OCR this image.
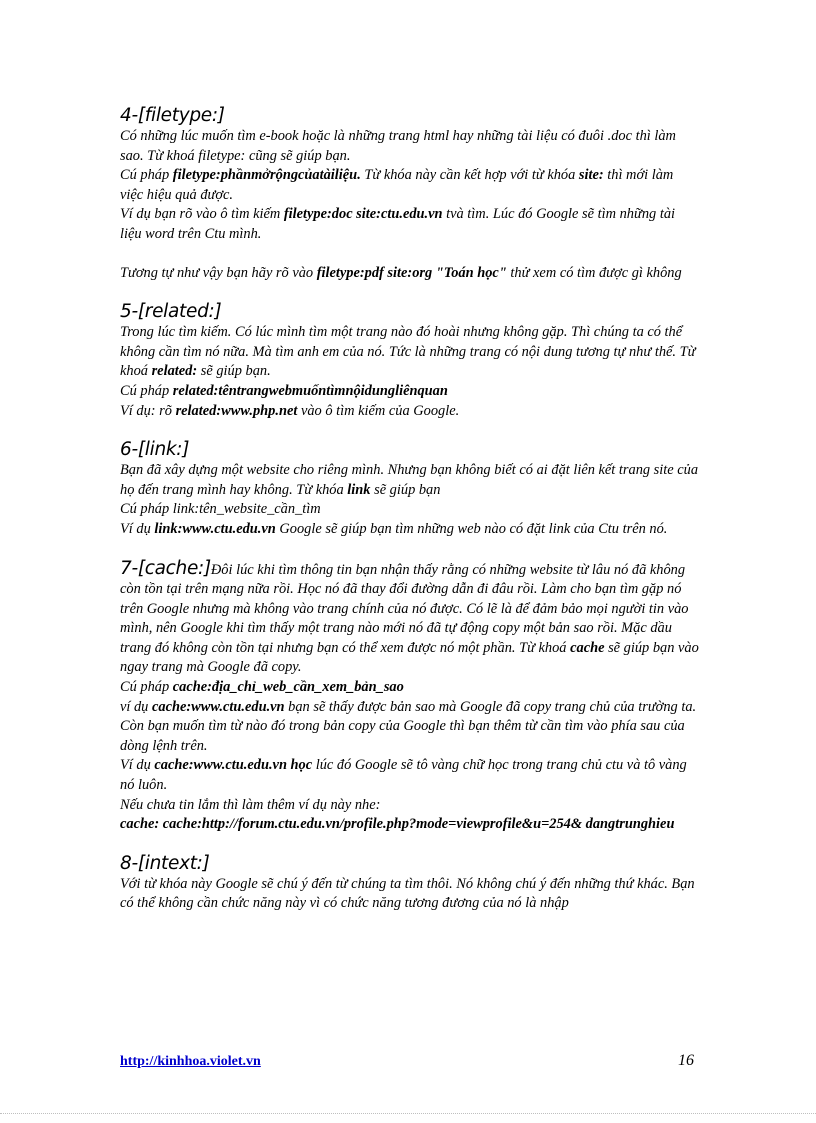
4-[filetype:]

Có những lúc muốn tìm e-book hoặc là những trang html hay những tài liệu có đuôi .doc thì làm sao. Từ khoá filetype: cũng sẽ giúp bạn.

Cú pháp filetype:phầnmởrộngcủatàiliệu. Từ khóa này cần kết hợp với từ khóa site: thì mới làm việc hiệu quả được.

Ví dụ bạn rõ vào ô tìm kiếm filetype:doc site:ctu.edu.vn tvà tìm. Lúc đó Google sẽ tìm những tài liệu word trên Ctu mình.

Tương tự như vậy bạn hãy rõ vào filetype:pdf site:org "Toán học" thử xem có tìm được gì không

5-[related:]

Trong lúc tìm kiếm. Có lúc mình tìm một trang nào đó hoài nhưng không gặp. Thì chúng ta có thể không cần tìm nó nữa. Mà tìm anh em của nó. Tức là những trang có nội dung tương tự như thế. Từ khoá related: sẽ giúp bạn.

Cú pháp related:têntrangwebmuốntìmnộidungliênquan

Ví dụ: rõ related:www.php.net vào ô tìm kiếm của Google.

6-[link:]

Bạn đã xây dựng một website cho riêng mình. Nhưng bạn không biết có ai đặt liên kết trang site của họ đến trang mình hay không. Từ khóa link sẽ giúp bạn

Cú pháp link:tên_website_cần_tìm

Ví dụ link:www.ctu.edu.vn Google sẽ giúp bạn tìm những web nào có đặt link của Ctu trên nó.

7-[cache:]Đôi lúc khi tìm thông tin bạn nhận thấy rằng có những website từ lâu nó đã không còn tồn tại trên mạng nữa rồi. Học nó đã thay đổi đường dẫn đi đâu rồi. Làm cho bạn tìm gặp nó trên Google nhưng mà không vào trang chính của nó được. Có lẽ là để đảm bảo mọi người tin vào mình, nên Google khi tìm thấy một trang nào mới nó đã tự động copy một bản sao rồi. Mặc dầu trang đó không còn tồn tại nhưng bạn có thể xem được nó một phần. Từ khoá cache sẽ giúp bạn vào ngay trang mà Google đã copy.

Cú pháp cache:địa_chỉ_web_cần_xem_bản_sao

ví dụ cache:www.ctu.edu.vn bạn sẽ thấy được bản sao mà Google đã copy trang chủ của trường ta.

Còn bạn muốn tìm từ nào đó trong bản copy của Google thì bạn thêm từ cần tìm vào phía sau của dòng lệnh trên.

Ví dụ cache:www.ctu.edu.vn học lúc đó Google sẽ tô vàng chữ học trong trang chủ ctu và tô vàng nó luôn.

Nếu chưa tin lắm thì làm thêm ví dụ này nhe:

cache: cache:http://forum.ctu.edu.vn/profile.php?mode=viewprofile&u=254& dangtrunghieu

8-[intext:]

Với từ khóa này Google sẽ chú ý đến từ chúng ta tìm thôi. Nó không chú ý đến những thứ khác. Bạn có thể không cần chức năng này vì có chức năng tương đương của nó là nhập

http://kinhhoa.violet.vn	16
